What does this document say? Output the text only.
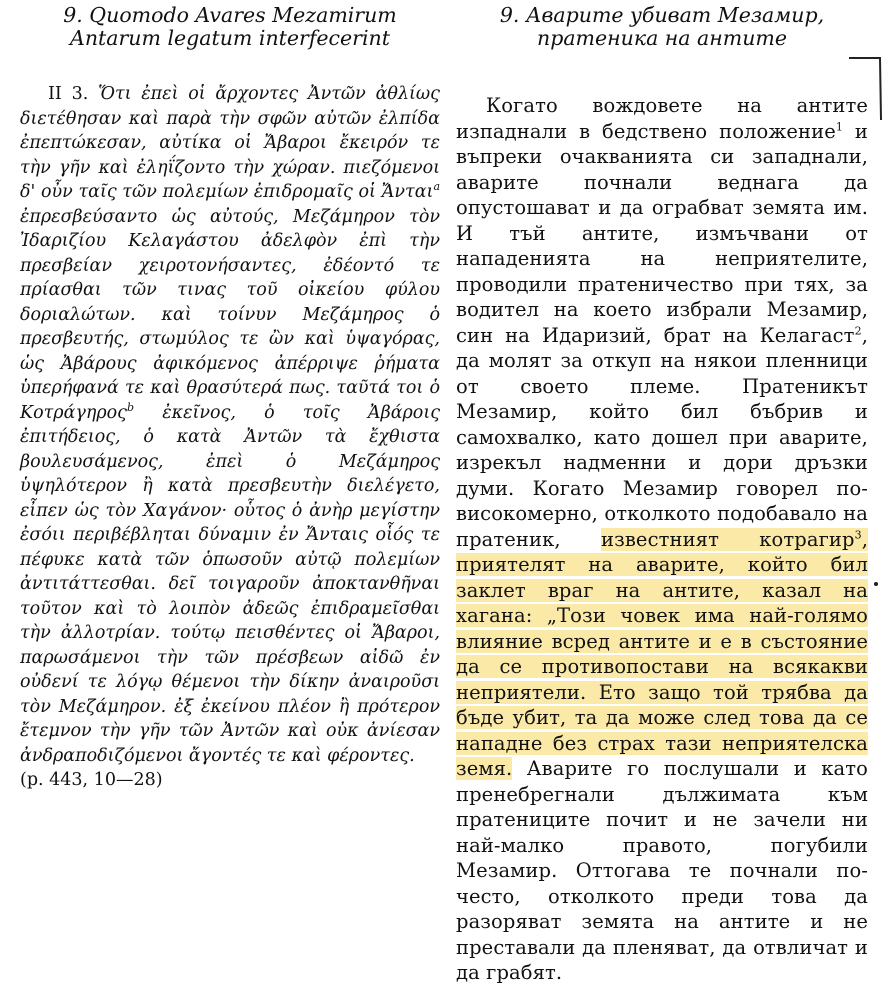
9. Quomodo Avares Mezamirum Antarum legatum interfecerint

II 3. Ὅτι ἐπεὶ οἱ ἄρχοντες Ἀντῶν ἀθλίως διετέθησαν καὶ παρὰ τὴν σφῶν αὐτῶν ἐλπίδα ἐπεπτώκεσαν, αὐτίκα οἱ Ἄβαροι ἔκειρόν τε τὴν γῆν καὶ ἐληΐζοντο τὴν χώραν. πιεζόμενοι δ' οὖν ταῖς τῶν πολεμίων ἐπιδρομαῖς οἱ Ἄνται$^a$ ἐπρεσβεύσαντο ὡς αὐτούς, Μεζάμηρον τὸν Ἰδαριζίου Κελαγάστου ἀδελφὸν ἐπὶ τὴν πρεσβείαν χειροτονήσαντες, ἐδέοντό τε πρίασθαι τῶν τινας τοῦ οἰκείου φύλου δοριαλώτων. καὶ τοίνυν Μεζάμηρος ὁ πρεσβευτής, στωμύλος τε ὢν καὶ ὑψαγόρας, ὡς Ἀβάρους ἀφικόμενος ἀπέρριψε ῥήματα ὑπερήφανά τε καὶ θρασύτερά πως. ταῦτά τοι ὁ Κοτράγηρος$^b$ ἐκεῖνος, ὁ τοῖς Ἀβάροις ἐπιτήδειος, ὁ κατὰ Ἀντῶν τὰ ἔχθιστα βουλευσάμενος, ἐπεὶ ὁ Μεζάμηρος ὑψηλότερον ἢ κατὰ πρεσβευτὴν διελέγετο, εἶπεν ὡς τὸν Χαγάνον· οὗτος ὁ ἀνὴρ μεγίστην ἐσόιι περιβέβληται δύναμιν ἐν Ἄνταις οἷός τε πέφυκε κατὰ τῶν ὁπωσοῦν αὐτῷ πολεμίων ἀντιτάττεσθαι. δεῖ τοιγαροῦν ἀποκτανθῆναι τοῦτον καὶ τὸ λοιπὸν ἀδεῶς ἐπιδραμεῖσθαι τὴν ἀλλοτρίαν. τούτῳ πεισθέντες οἱ Ἄβαροι, παρωσάμενοι τὴν τῶν πρέσβεων αἰδῶ ἐν οὐδενί τε λόγῳ θέμενοι τὴν δίκην ἀναιροῦσι τὸν Μεζάμηρον. ἐξ ἐκείνου πλέον ἢ πρότερον ἔτεμνον τὴν γῆν τῶν Ἀντῶν καὶ οὐκ ἀνίεσαν ἀνδραποδιζόμενοι ἄγοντές τε καὶ φέροντες.
(p. 443, 10—28)

9. Аварите убиват Мезамир, пратеника на антите

Когато вождовете на антите изпаднали в бедствено положение$^1$ и въпреки очакванията си западнали, аварите почнали веднага да опустошават и да ограбват земята им. И тъй антите, измъчвани от нападенията на неприятелите, проводили пратеничество при тях, за водител на което избрали Мезамир, син на Идаризий, брат на Келагаст$^2$, да молят за откуп на някои пленници от своето племе. Пратеникът Мезамир, който бил бъбрив и самохвалко, като дошел при аварите, изрекъл надменни и дори дръзки думи. Когато Мезамир говорел по-високомерно, отколкото подобавало на пратеник, известният котрагир$^3$, приятелят на аварите, който бил заклет враг на антите, казал на хагана: „Този човек има най-голямо влияние всред антите и е в състояние да се противопостави на всякакви неприятели. Ето защо той трябва да бъде убит, та да може след това да се нападне без страх тази неприятелска земя. Аварите го послушали и като пренебрегнали дължимата към пратениците почит и не зачели ни най-малко правото, погубили Мезамир. Оттогава те почнали по-често, отколкото преди това да разоряват земята на антите и не преставали да пленяват, да отвличат и да грабят.
